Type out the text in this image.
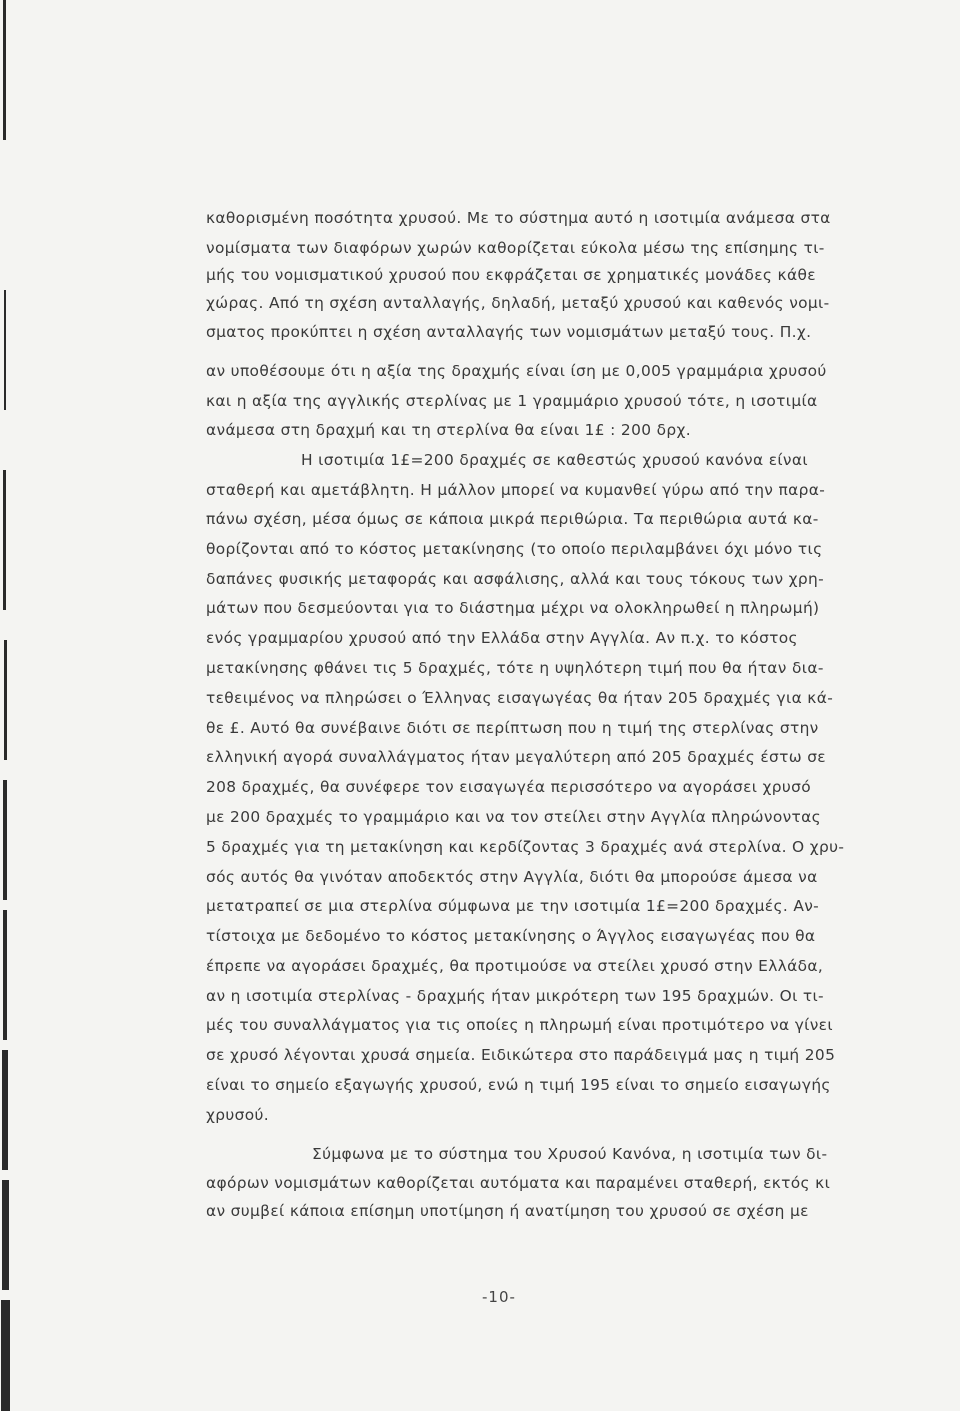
καθορισμένη ποσότητα χρυσού. Με το σύστημα αυτό η ισοτιμία ανάμεσα στα

νομίσματα των διαφόρων χωρών καθορίζεται εύκολα μέσω της επίσημης τι-

μής του νομισματικού χρυσού που εκφράζεται σε χρηματικές μονάδες κάθε

χώρας. Από τη σχέση ανταλλαγής, δηλαδή, μεταξύ χρυσού και καθενός νομι-

σματος προκύπτει η σχέση ανταλλαγής των νομισμάτων μεταξύ τους. Π.χ.

αν υποθέσουμε ότι η αξία της δραχμής είναι ίση με 0,005 γραμμάρια χρυσού

και η αξία της αγγλικής στερλίνας με 1 γραμμάριο χρυσού τότε, η ισοτιμία

ανάμεσα στη δραχμή και τη στερλίνα θα είναι 1£ : 200 δρχ.

Η ισοτιμία 1£=200 δραχμές σε καθεστώς χρυσού κανόνα είναι

σταθερή και αμετάβλητη. Η μάλλον μπορεί να κυμανθεί γύρω από την παρα-

πάνω σχέση, μέσα όμως σε κάποια μικρά περιθώρια. Τα περιθώρια αυτά κα-

θορίζονται από το κόστος μετακίνησης (το οποίο περιλαμβάνει όχι μόνο τις

δαπάνες φυσικής μεταφοράς και ασφάλισης, αλλά και τους τόκους των χρη-

μάτων που δεσμεύονται για το διάστημα μέχρι να ολοκληρωθεί η πληρωμή)

ενός γραμμαρίου χρυσού από την Ελλάδα στην Αγγλία. Αν π.χ. το κόστος

μετακίνησης φθάνει τις 5 δραχμές, τότε η υψηλότερη τιμή που θα ήταν δια-

τεθειμένος να πληρώσει ο Έλληνας εισαγωγέας θα ήταν 205 δραχμές για κά-

θε £. Αυτό θα συνέβαινε διότι σε περίπτωση που η τιμή της στερλίνας στην

ελληνική αγορά συναλλάγματος ήταν μεγαλύτερη από 205 δραχμές έστω σε

208 δραχμές, θα συνέφερε τον εισαγωγέα περισσότερο να αγοράσει χρυσό

με 200 δραχμές το γραμμάριο και να τον στείλει στην Αγγλία πληρώνοντας

5 δραχμές για τη μετακίνηση και κερδίζοντας 3 δραχμές ανά στερλίνα. Ο χρυ-

σός αυτός θα γινόταν αποδεκτός στην Αγγλία, διότι θα μπορούσε άμεσα να

μετατραπεί σε μια στερλίνα σύμφωνα με την ισοτιμία 1£=200 δραχμές. Αν-

τίστοιχα με δεδομένο το κόστος μετακίνησης ο Άγγλος εισαγωγέας που θα

έπρεπε να αγοράσει δραχμές, θα προτιμούσε να στείλει χρυσό στην Ελλάδα,

αν η ισοτιμία στερλίνας - δραχμής ήταν μικρότερη των 195 δραχμών. Οι τι-

μές του συναλλάγματος για τις οποίες η πληρωμή είναι προτιμότερο να γίνει

σε χρυσό λέγονται χρυσά σημεία. Ειδικώτερα στο παράδειγμά μας η τιμή 205

είναι το σημείο εξαγωγής χρυσού, ενώ η τιμή 195 είναι το σημείο εισαγωγής

χρυσού.

Σύμφωνα με το σύστημα του Χρυσού Κανόνα, η ισοτιμία των δι-

αφόρων νομισμάτων καθορίζεται αυτόματα και παραμένει σταθερή, εκτός κι

αν συμβεί κάποια επίσημη υποτίμηση ή ανατίμηση του χρυσού σε σχέση με

-10-
